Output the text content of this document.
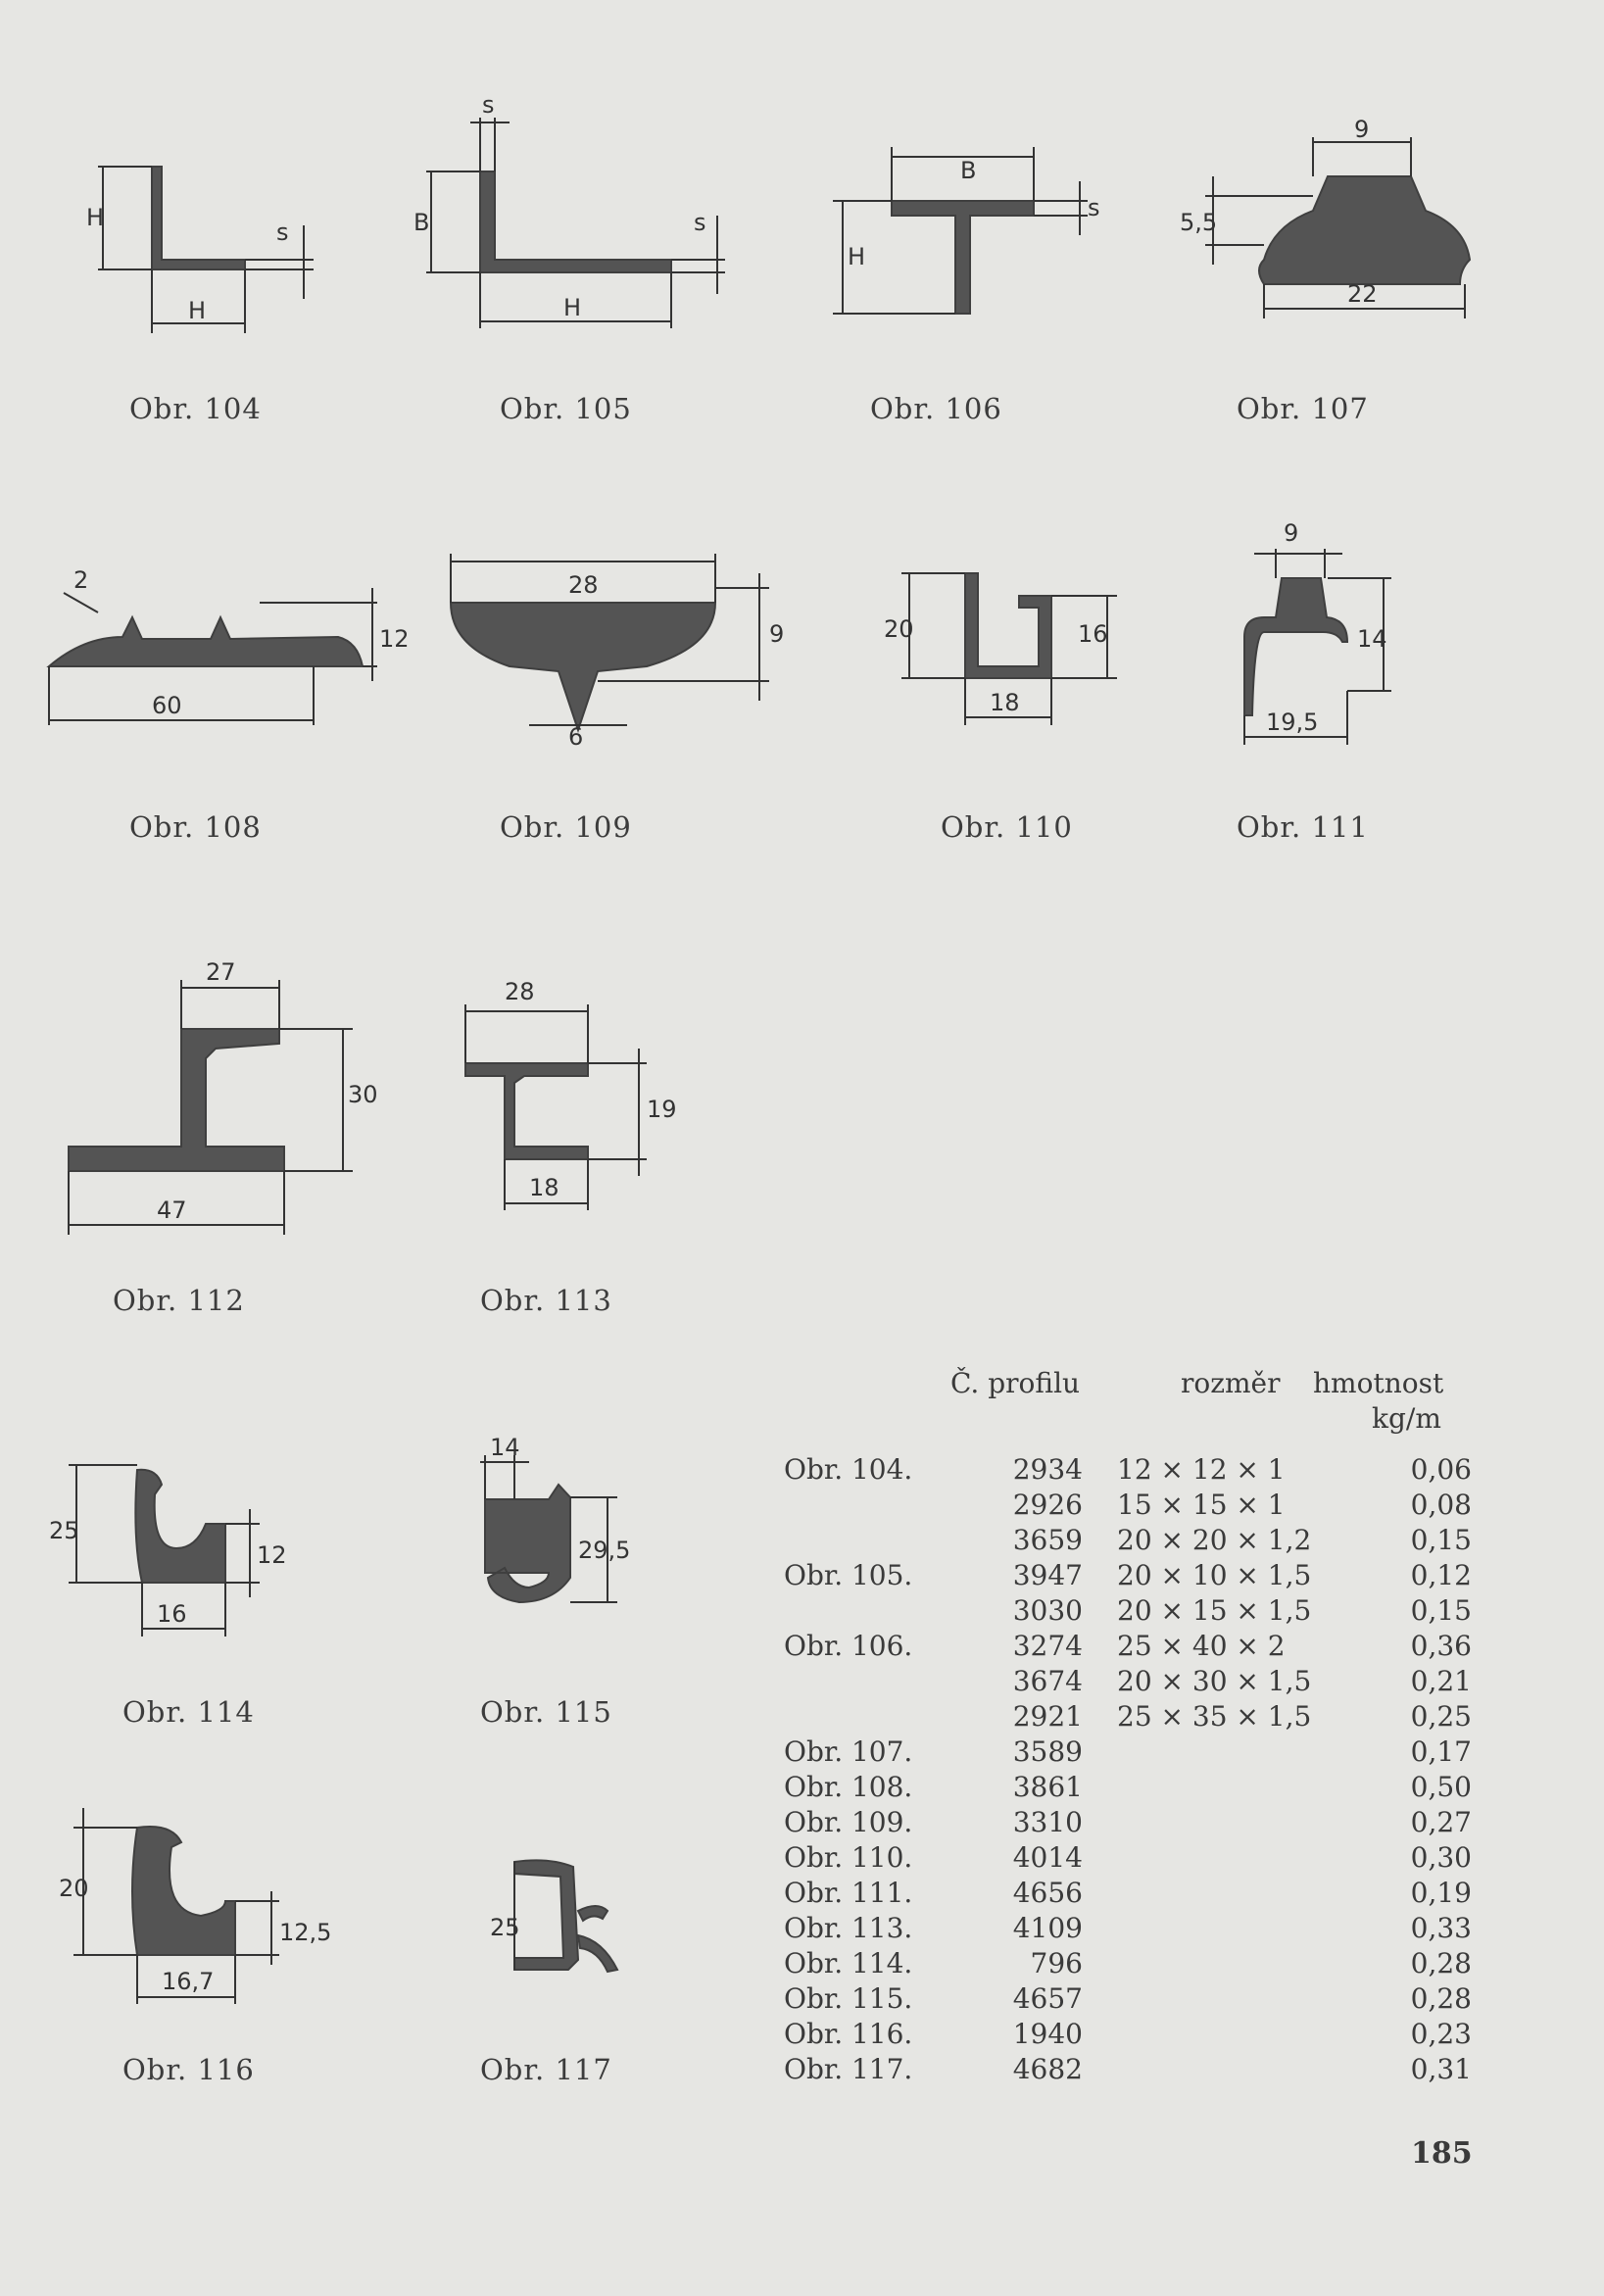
H
H
s
Obr. 104
s
B
H
s
Obr. 105
B
H
s
Obr. 106
9
5,5
22
Obr. 107
2
12
60
Obr. 108
28
9
6
Obr. 109
20	16
18
Obr. 110
9
14
19,5
Obr. 111
27
30
47
Obr. 112
28
19
18
Obr. 113
25
12
16
Obr. 114
14
29,5
Obr. 115
20
12,5
16,7
Obr. 116
25
Obr. 117
Č. profilu	rozměr hmotnost
kg/m
Obr. 104.	2934 12 × 12 × 1	0,06
2926 15 × 15 × 1	0,08
3659 20 × 20 × 1,2	0,15
Obr. 105.	3947 20 × 10 × 1,5	0,12
3030 20 × 15 × 1,5	0,15
Obr. 106.	3274 25 × 40 × 2	0,36
3674 20 × 30 × 1,5	0,21
2921 25 × 35 × 1,5	0,25
Obr. 107.	3589	0,17
Obr. 108.	3861	0,50
Obr. 109.	3310	0,27
Obr. 110.	4014	0,30
Obr. 111.	4656	0,19
Obr. 113.	4109	0,33
Obr. 114.	796	0,28
Obr. 115.	4657	0,28
Obr. 116.	1940	0,23
Obr. 117.	4682	0,31
185
